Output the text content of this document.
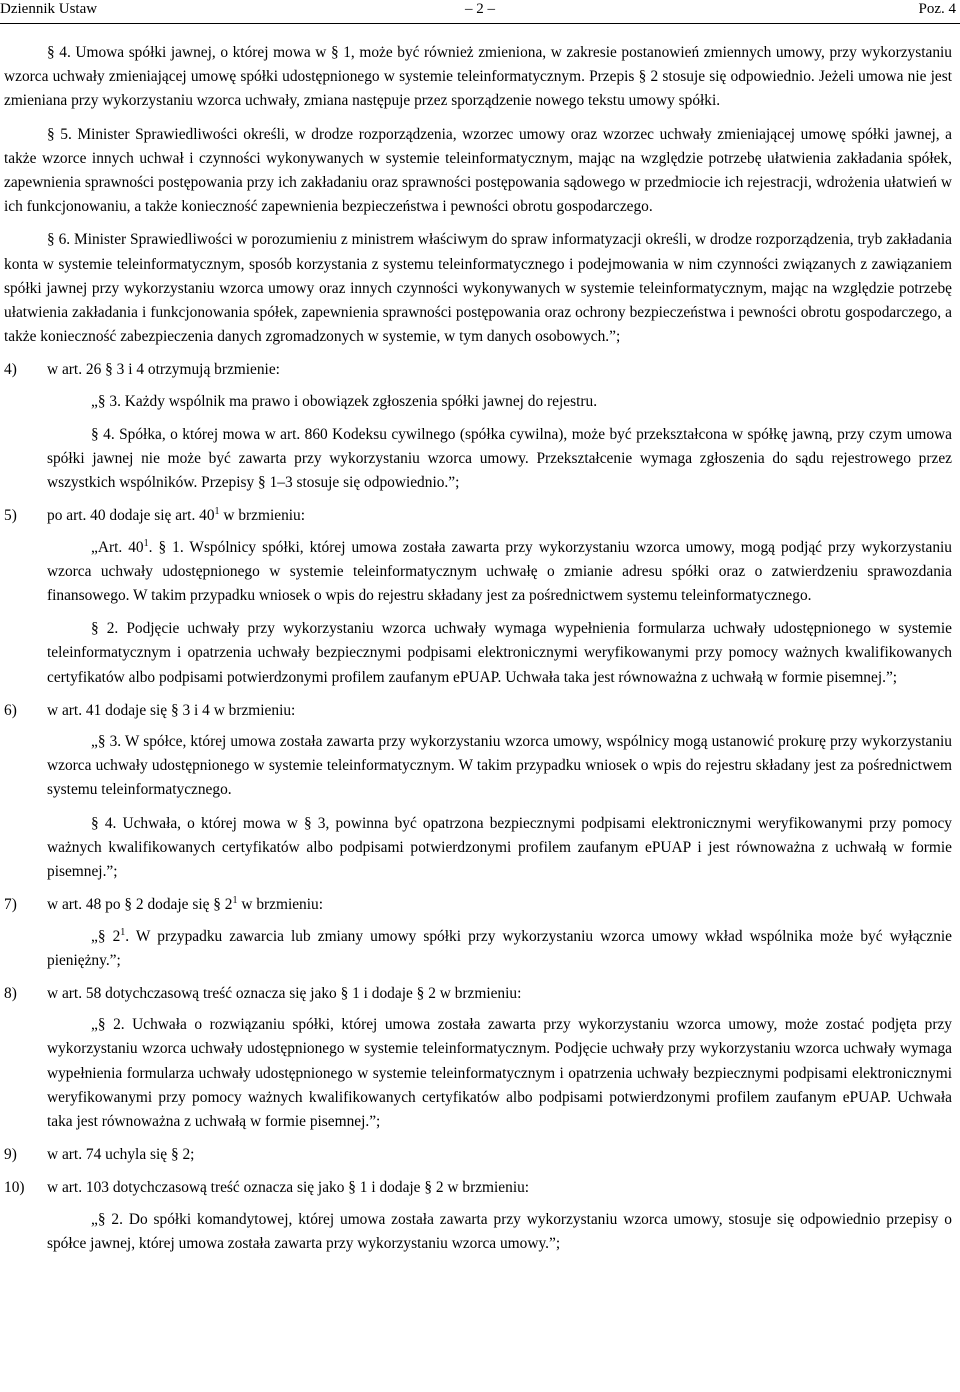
Dziennik Ustaw	– 2 –	Poz. 4

§ 4. Umowa spółki jawnej, o której mowa w § 1, może być również zmieniona, w zakresie postanowień zmiennych umowy, przy wykorzystaniu wzorca uchwały zmieniającej umowę spółki udostępnionego w systemie teleinformatycznym. Przepis § 2 stosuje się odpowiednio. Jeżeli umowa nie jest zmieniana przy wykorzystaniu wzorca uchwały, zmiana następuje przez sporządzenie nowego tekstu umowy spółki.

§ 5. Minister Sprawiedliwości określi, w drodze rozporządzenia, wzorzec umowy oraz wzorzec uchwały zmieniającej umowę spółki jawnej, a także wzorce innych uchwał i czynności wykonywanych w systemie teleinformatycznym, mając na względzie potrzebę ułatwienia zakładania spółek, zapewnienia sprawności postępowania przy ich zakładaniu oraz sprawności postępowania sądowego w przedmiocie ich rejestracji, wdrożenia ułatwień w ich funkcjonowaniu, a także konieczność zapewnienia bezpieczeństwa i pewności obrotu gospodarczego.

§ 6. Minister Sprawiedliwości w porozumieniu z ministrem właściwym do spraw informatyzacji określi, w drodze rozporządzenia, tryb zakładania konta w systemie teleinformatycznym, sposób korzystania z systemu teleinformatycznego i podejmowania w nim czynności związanych z zawiązaniem spółki jawnej przy wykorzystaniu wzorca umowy oraz innych czynności wykonywanych w systemie teleinformatycznym, mając na względzie potrzebę ułatwienia zakładania i funkcjonowania spółek, zapewnienia sprawności postępowania oraz ochrony bezpieczeństwa i pewności obrotu gospodarczego, a także konieczność zabezpieczenia danych zgromadzonych w systemie, w tym danych osobowych.”;

4)	w art. 26 § 3 i 4 otrzymują brzmienie:

„§ 3. Każdy wspólnik ma prawo i obowiązek zgłoszenia spółki jawnej do rejestru.

§ 4. Spółka, o której mowa w art. 860 Kodeksu cywilnego (spółka cywilna), może być przekształcona w spółkę jawną, przy czym umowa spółki jawnej nie może być zawarta przy wykorzystaniu wzorca umowy. Przekształcenie wymaga zgłoszenia do sądu rejestrowego przez wszystkich wspólników. Przepisy § 1–3 stosuje się odpowiednio.”;

5)	po art. 40 dodaje się art. $40^1$ w brzmieniu:

„Art. $40^1$. § 1. Wspólnicy spółki, której umowa została zawarta przy wykorzystaniu wzorca umowy, mogą podjąć przy wykorzystaniu wzorca uchwały udostępnionego w systemie teleinformatycznym uchwałę o zmianie adresu spółki oraz o zatwierdzeniu sprawozdania finansowego. W takim przypadku wniosek o wpis do rejestru składany jest za pośrednictwem systemu teleinformatycznego.

§ 2. Podjęcie uchwały przy wykorzystaniu wzorca uchwały wymaga wypełnienia formularza uchwały udostępnionego w systemie teleinformatycznym i opatrzenia uchwały bezpiecznymi podpisami elektronicznymi weryfikowanymi przy pomocy ważnych kwalifikowanych certyfikatów albo podpisami potwierdzonymi profilem zaufanym ePUAP. Uchwała taka jest równoważna z uchwałą w formie pisemnej.”;

6)	w art. 41 dodaje się § 3 i 4 w brzmieniu:

„§ 3. W spółce, której umowa została zawarta przy wykorzystaniu wzorca umowy, wspólnicy mogą ustanowić prokurę przy wykorzystaniu wzorca uchwały udostępnionego w systemie teleinformatycznym. W takim przypadku wniosek o wpis do rejestru składany jest za pośrednictwem systemu teleinformatycznego.

§ 4. Uchwała, o której mowa w § 3, powinna być opatrzona bezpiecznymi podpisami elektronicznymi weryfikowanymi przy pomocy ważnych kwalifikowanych certyfikatów albo podpisami potwierdzonymi profilem zaufanym ePUAP i jest równoważna z uchwałą w formie pisemnej.”;

7)	w art. 48 po § 2 dodaje się § $2^1$ w brzmieniu:

„§ $2^1$. W przypadku zawarcia lub zmiany umowy spółki przy wykorzystaniu wzorca umowy wkład wspólnika może być wyłącznie pieniężny.”;

8)	w art. 58 dotychczasową treść oznacza się jako § 1 i dodaje § 2 w brzmieniu:

„§ 2. Uchwała o rozwiązaniu spółki, której umowa została zawarta przy wykorzystaniu wzorca umowy, może zostać podjęta przy wykorzystaniu wzorca uchwały udostępnionego w systemie teleinformatycznym. Podjęcie uchwały przy wykorzystaniu wzorca uchwały wymaga wypełnienia formularza uchwały udostępnionego w systemie teleinformatycznym i opatrzenia uchwały bezpiecznymi podpisami elektronicznymi weryfikowanymi przy pomocy ważnych kwalifikowanych certyfikatów albo podpisami potwierdzonymi profilem zaufanym ePUAP. Uchwała taka jest równoważna z uchwałą w formie pisemnej.”;

9)	w art. 74 uchyla się § 2;
10)	w art. 103 dotychczasową treść oznacza się jako § 1 i dodaje § 2 w brzmieniu:

„§ 2. Do spółki komandytowej, której umowa została zawarta przy wykorzystaniu wzorca umowy, stosuje się odpowiednio przepisy o spółce jawnej, której umowa została zawarta przy wykorzystaniu wzorca umowy.”;
